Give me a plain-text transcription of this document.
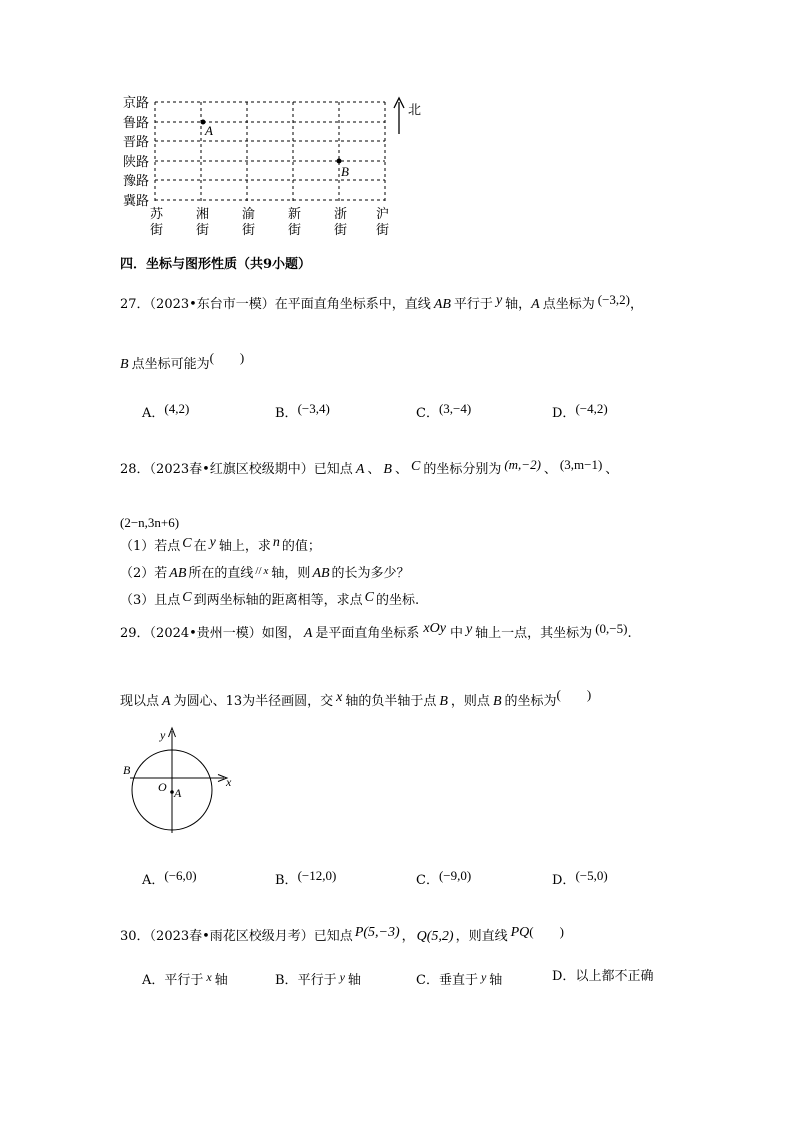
京路
鲁路
晋路
陕路
豫路
冀路
A
B
苏
街
湘
街
渝
街
新
街
浙
街
沪
街
北
四．坐标与图形性质（共9小题）
27．（2023•东台市一模）在平面直角坐标系中，直线 AB 平行于 y 轴，A 点坐标为 (−3,2)，
B 点坐标可能为(　　)
A．(4,2)	B．(−3,4)	C．(3,−4)	D．(−4,2)
28．（2023春•红旗区校级期中）已知点 A 、 B 、 C 的坐标分别为 (m,−2) 、 (3,m−1) 、
(2−n,3n+6)
（1）若点 C 在 y 轴上，求 n 的值；
（2）若 AB 所在的直线 // $^x$ 轴，则 AB 的长为多少？
（3）且点 C 到两坐标轴的距离相等，求点 C 的坐标.
29．（2024•贵州一模）如图， A 是平面直角坐标系 xOy 中 y 轴上一点，其坐标为 (0,−5).
现以点 A 为圆心、13为半径画圆，交 x 轴的负半轴于点 B ，则点 B 的坐标为(　　)
y
x
O A
B
A．(−6,0)	B．(−12,0)	C．(−9,0)	D．(−5,0)
30．（2023春•雨花区校级月考）已知点 P(5,−3) ， Q(5,2) ，则直线 PQ(　　)
A．平行于 x 轴	B．平行于 y 轴	C．垂直于 y 轴	D．以上都不正确
